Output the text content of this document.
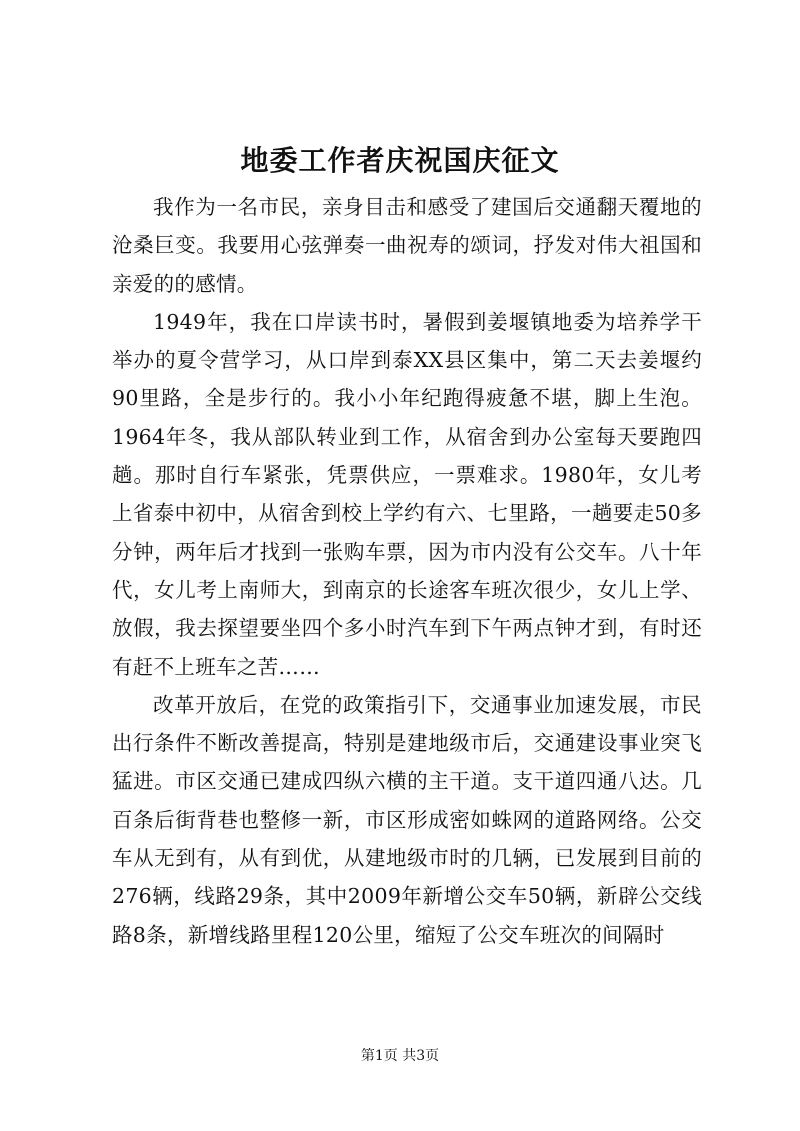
地委工作者庆祝国庆征文

我作为一名市民，亲身目击和感受了建国后交通翻天覆地的沧桑巨变。我要用心弦弹奏一曲祝寿的颂词，抒发对伟大祖国和亲爱的的感情。

1949年，我在口岸读书时，暑假到姜堰镇地委为培养学干举办的夏令营学习，从口岸到泰XX县区集中，第二天去姜堰约90里路，全是步行的。我小小年纪跑得疲惫不堪，脚上生泡。1964年冬，我从部队转业到工作，从宿舍到办公室每天要跑四趟。那时自行车紧张，凭票供应，一票难求。1980年，女儿考上省泰中初中，从宿舍到校上学约有六、七里路，一趟要走50多分钟，两年后才找到一张购车票，因为市内没有公交车。八十年代，女儿考上南师大，到南京的长途客车班次很少，女儿上学、放假，我去探望要坐四个多小时汽车到下午两点钟才到，有时还有赶不上班车之苦……

改革开放后，在党的政策指引下，交通事业加速发展，市民出行条件不断改善提高，特别是建地级市后，交通建设事业突飞猛进。市区交通已建成四纵六横的主干道。支干道四通八达。几百条后街背巷也整修一新，市区形成密如蛛网的道路网络。公交车从无到有，从有到优，从建地级市时的几辆，已发展到目前的276辆，线路29条，其中2009年新增公交车50辆，新辟公交线路8条，新增线路里程120公里，缩短了公交车班次的间隔时

第1页 共3页
